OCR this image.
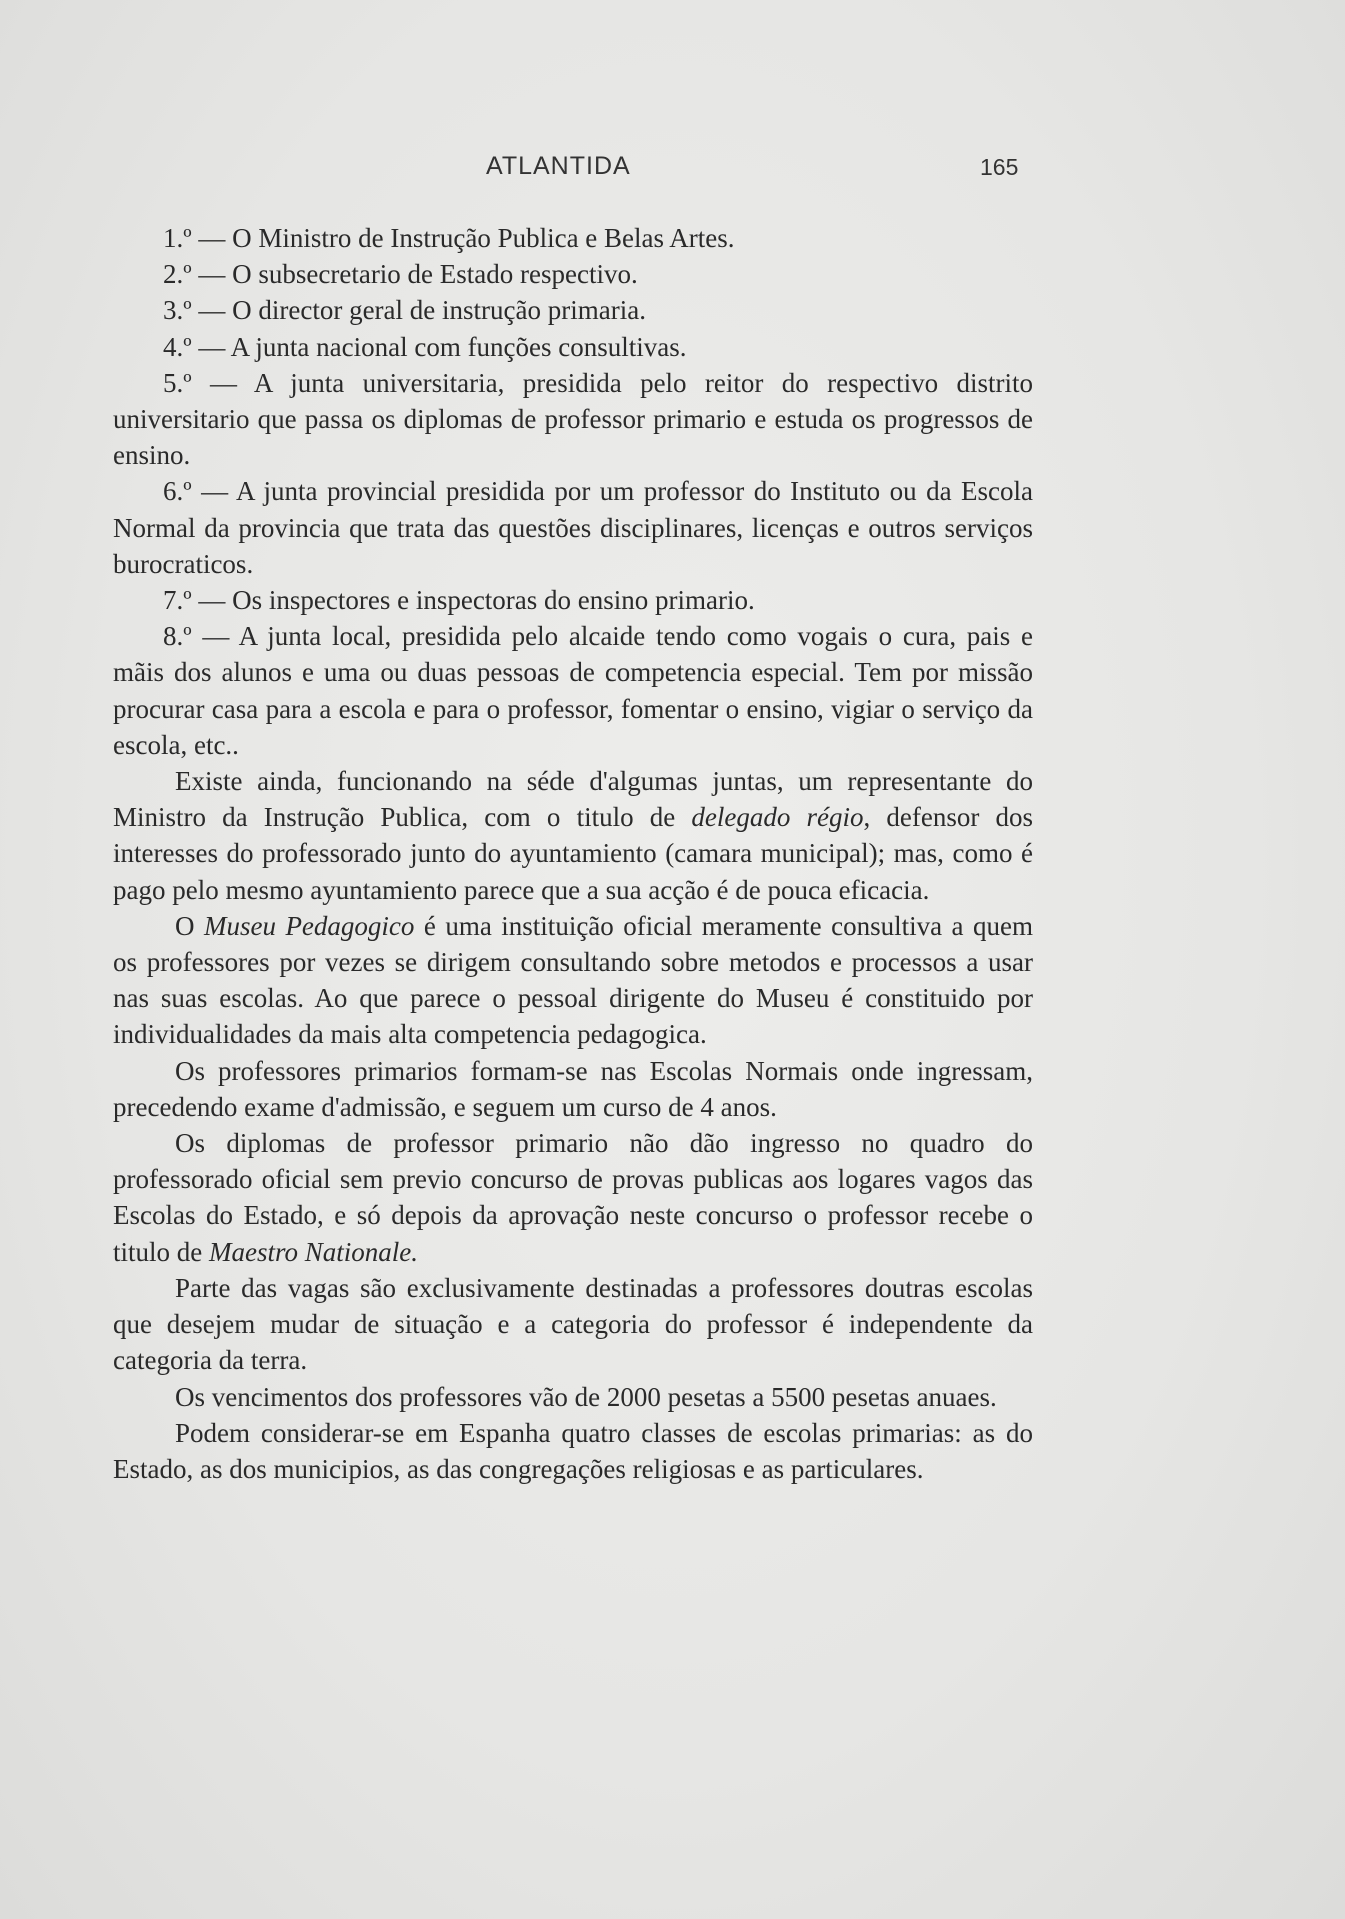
ATLANTIDA	165

1.º — O Ministro de Instrução Publica e Belas Artes.

2.º — O subsecretario de Estado respectivo.

3.º — O director geral de instrução primaria.

4.º — A junta nacional com funções consultivas.

5.º — A junta universitaria, presidida pelo reitor do respectivo distrito universitario que passa os diplomas de professor primario e estuda os progressos de ensino.

6.º — A junta provincial presidida por um professor do Instituto ou da Escola Normal da provincia que trata das questões disciplinares, licenças e outros serviços burocraticos.

7.º — Os inspectores e inspectoras do ensino primario.

8.º — A junta local, presidida pelo alcaide tendo como vogais o cura, pais e mãis dos alunos e uma ou duas pessoas de competencia especial. Tem por missão procurar casa para a escola e para o professor, fomentar o ensino, vigiar o serviço da escola, etc..

Existe ainda, funcionando na séde d'algumas juntas, um representante do Ministro da Instrução Publica, com o titulo de delegado régio, defensor dos interesses do professorado junto do ayuntamiento (camara municipal); mas, como é pago pelo mesmo ayuntamiento parece que a sua acção é de pouca eficacia.

O Museu Pedagogico é uma instituição oficial meramente consultiva a quem os professores por vezes se dirigem consultando sobre metodos e processos a usar nas suas escolas. Ao que parece o pessoal dirigente do Museu é constituido por individualidades da mais alta competencia pedagogica.

Os professores primarios formam-se nas Escolas Normais onde ingressam, precedendo exame d'admissão, e seguem um curso de 4 anos.

Os diplomas de professor primario não dão ingresso no quadro do professorado oficial sem previo concurso de provas publicas aos logares vagos das Escolas do Estado, e só depois da aprovação neste concurso o professor recebe o titulo de Maestro Nationale.

Parte das vagas são exclusivamente destinadas a professores doutras escolas que desejem mudar de situação e a categoria do professor é independente da categoria da terra.

Os vencimentos dos professores vão de 2000 pesetas a 5500 pesetas anuaes.

Podem considerar-se em Espanha quatro classes de escolas primarias: as do Estado, as dos municipios, as das congregações religiosas e as particulares.
